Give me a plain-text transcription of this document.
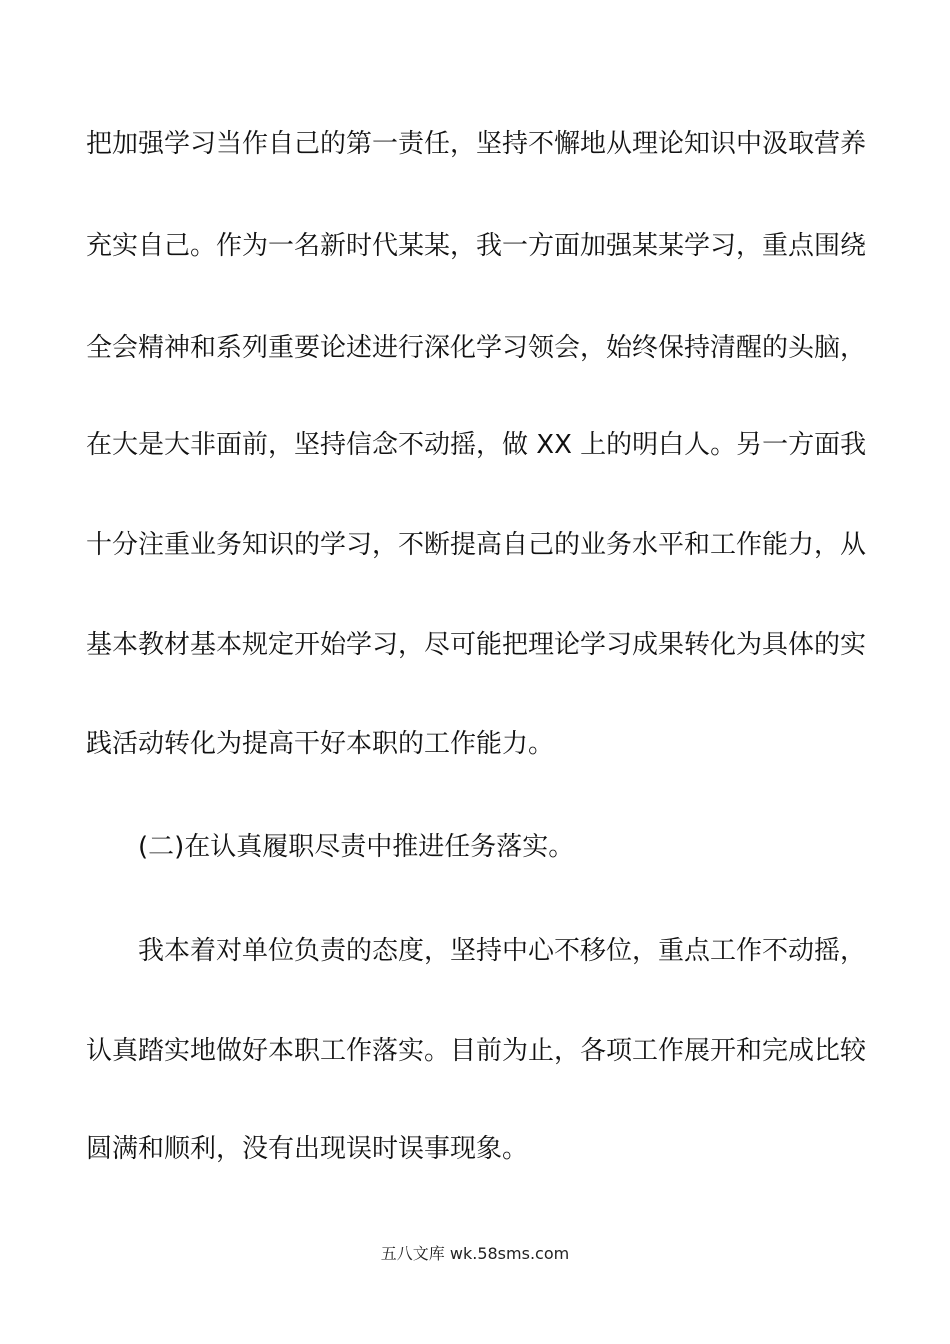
把加强学习当作自己的第一责任，坚持不懈地从理论知识中汲取营养
充实自己。作为一名新时代某某，我一方面加强某某学习，重点围绕
全会精神和系列重要论述进行深化学习领会，始终保持清醒的头脑，
在大是大非面前，坚持信念不动摇，做 XX 上的明白人。另一方面我
十分注重业务知识的学习，不断提高自己的业务水平和工作能力，从
基本教材基本规定开始学习，尽可能把理论学习成果转化为具体的实
践活动转化为提高干好本职的工作能力。
(二)在认真履职尽责中推进任务落实。
我本着对单位负责的态度，坚持中心不移位，重点工作不动摇，
认真踏实地做好本职工作落实。目前为止，各项工作展开和完成比较
圆满和顺利，没有出现误时误事现象。
五八文库 wk.58sms.com
